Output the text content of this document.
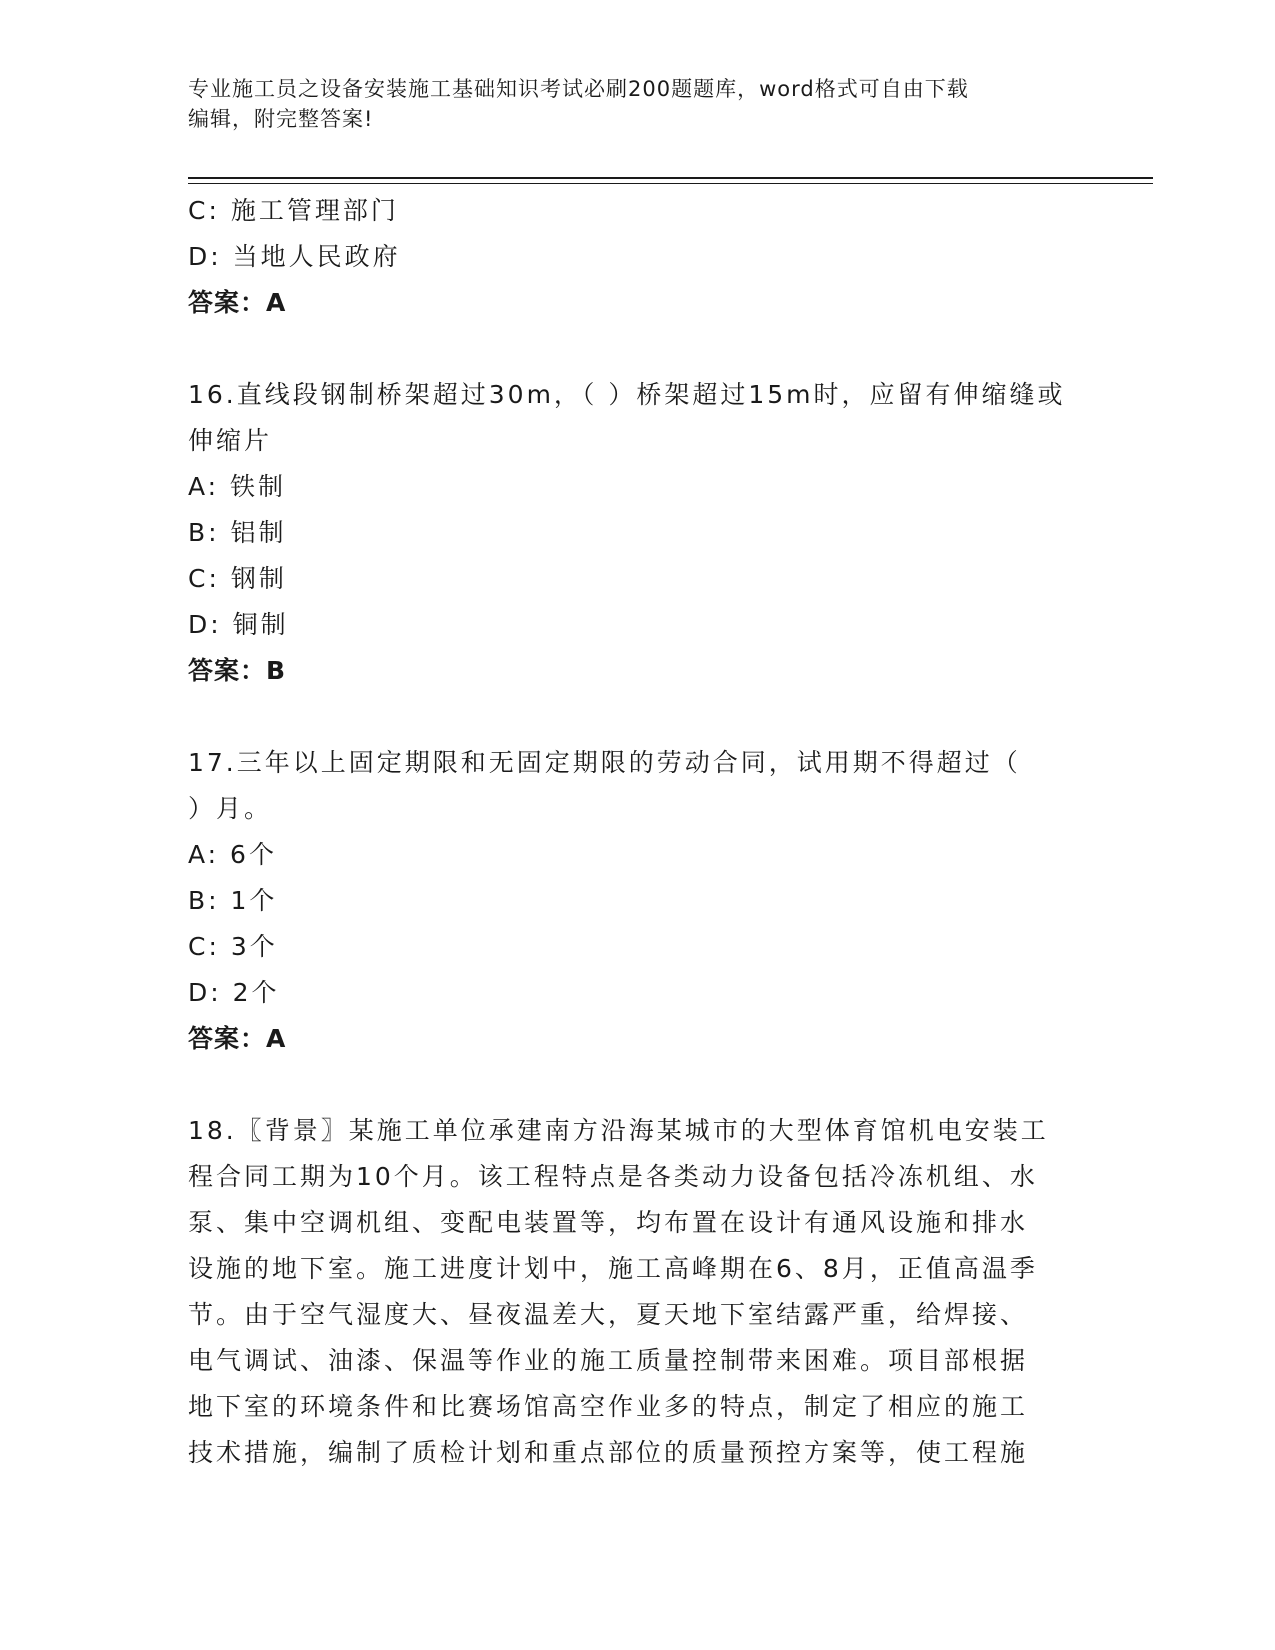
专业施工员之设备安装施工基础知识考试必刷200题题库，word格式可自由下载
编辑，附完整答案!
C: 施工管理部门
D: 当地人民政府
答案：A
16.直线段钢制桥架超过30m，（ ）桥架超过15m时，应留有伸缩缝或
伸缩片
A: 铁制
B: 铝制
C: 钢制
D: 铜制
答案：B
17.三年以上固定期限和无固定期限的劳动合同，试用期不得超过（
）月。
A: 6个
B: 1个
C: 3个
D: 2个
答案：A
18.〖背景〗某施工单位承建南方沿海某城市的大型体育馆机电安装工
程合同工期为10个月。该工程特点是各类动力设备包括冷冻机组、水
泵、集中空调机组、变配电装置等，均布置在设计有通风设施和排水
设施的地下室。施工进度计划中，施工高峰期在6、8月，正值高温季
节。由于空气湿度大、昼夜温差大，夏天地下室结露严重，给焊接、
电气调试、油漆、保温等作业的施工质量控制带来困难。项目部根据
地下室的环境条件和比赛场馆高空作业多的特点，制定了相应的施工
技术措施，编制了质检计划和重点部位的质量预控方案等，使工程施
